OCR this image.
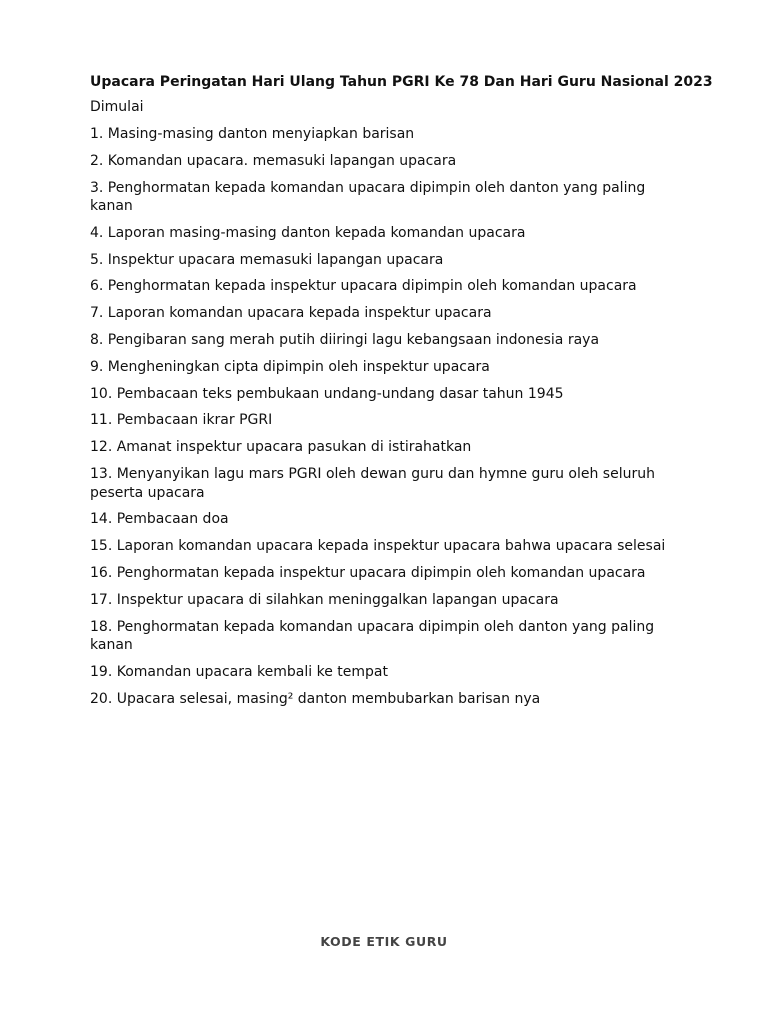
Upacara Peringatan Hari Ulang Tahun PGRI Ke 78 Dan Hari Guru Nasional 2023
Dimulai
1. Masing-masing danton menyiapkan barisan
2. Komandan upacara. memasuki lapangan upacara
3. Penghormatan kepada komandan upacara dipimpin oleh danton yang paling kanan
4. Laporan masing-masing danton kepada komandan upacara
5. Inspektur upacara memasuki lapangan upacara
6. Penghormatan kepada inspektur upacara dipimpin oleh komandan upacara
7. Laporan komandan upacara kepada inspektur upacara
8. Pengibaran sang merah putih diiringi lagu kebangsaan indonesia raya
9. Mengheningkan cipta dipimpin oleh inspektur upacara
10. Pembacaan teks pembukaan undang-undang dasar tahun 1945
11. Pembacaan ikrar PGRI
12. Amanat inspektur upacara pasukan di istirahatkan
13. Menyanyikan lagu mars PGRI oleh dewan guru dan hymne guru oleh seluruh peserta upacara
14. Pembacaan doa
15. Laporan komandan upacara kepada inspektur upacara bahwa upacara selesai
16. Penghormatan kepada inspektur upacara dipimpin oleh komandan upacara
17. Inspektur upacara di silahkan meninggalkan lapangan upacara
18. Penghormatan kepada komandan upacara dipimpin oleh danton yang paling kanan
19. Komandan upacara kembali ke tempat
20. Upacara selesai, masing² danton membubarkan barisan nya
KODE ETIK GURU
